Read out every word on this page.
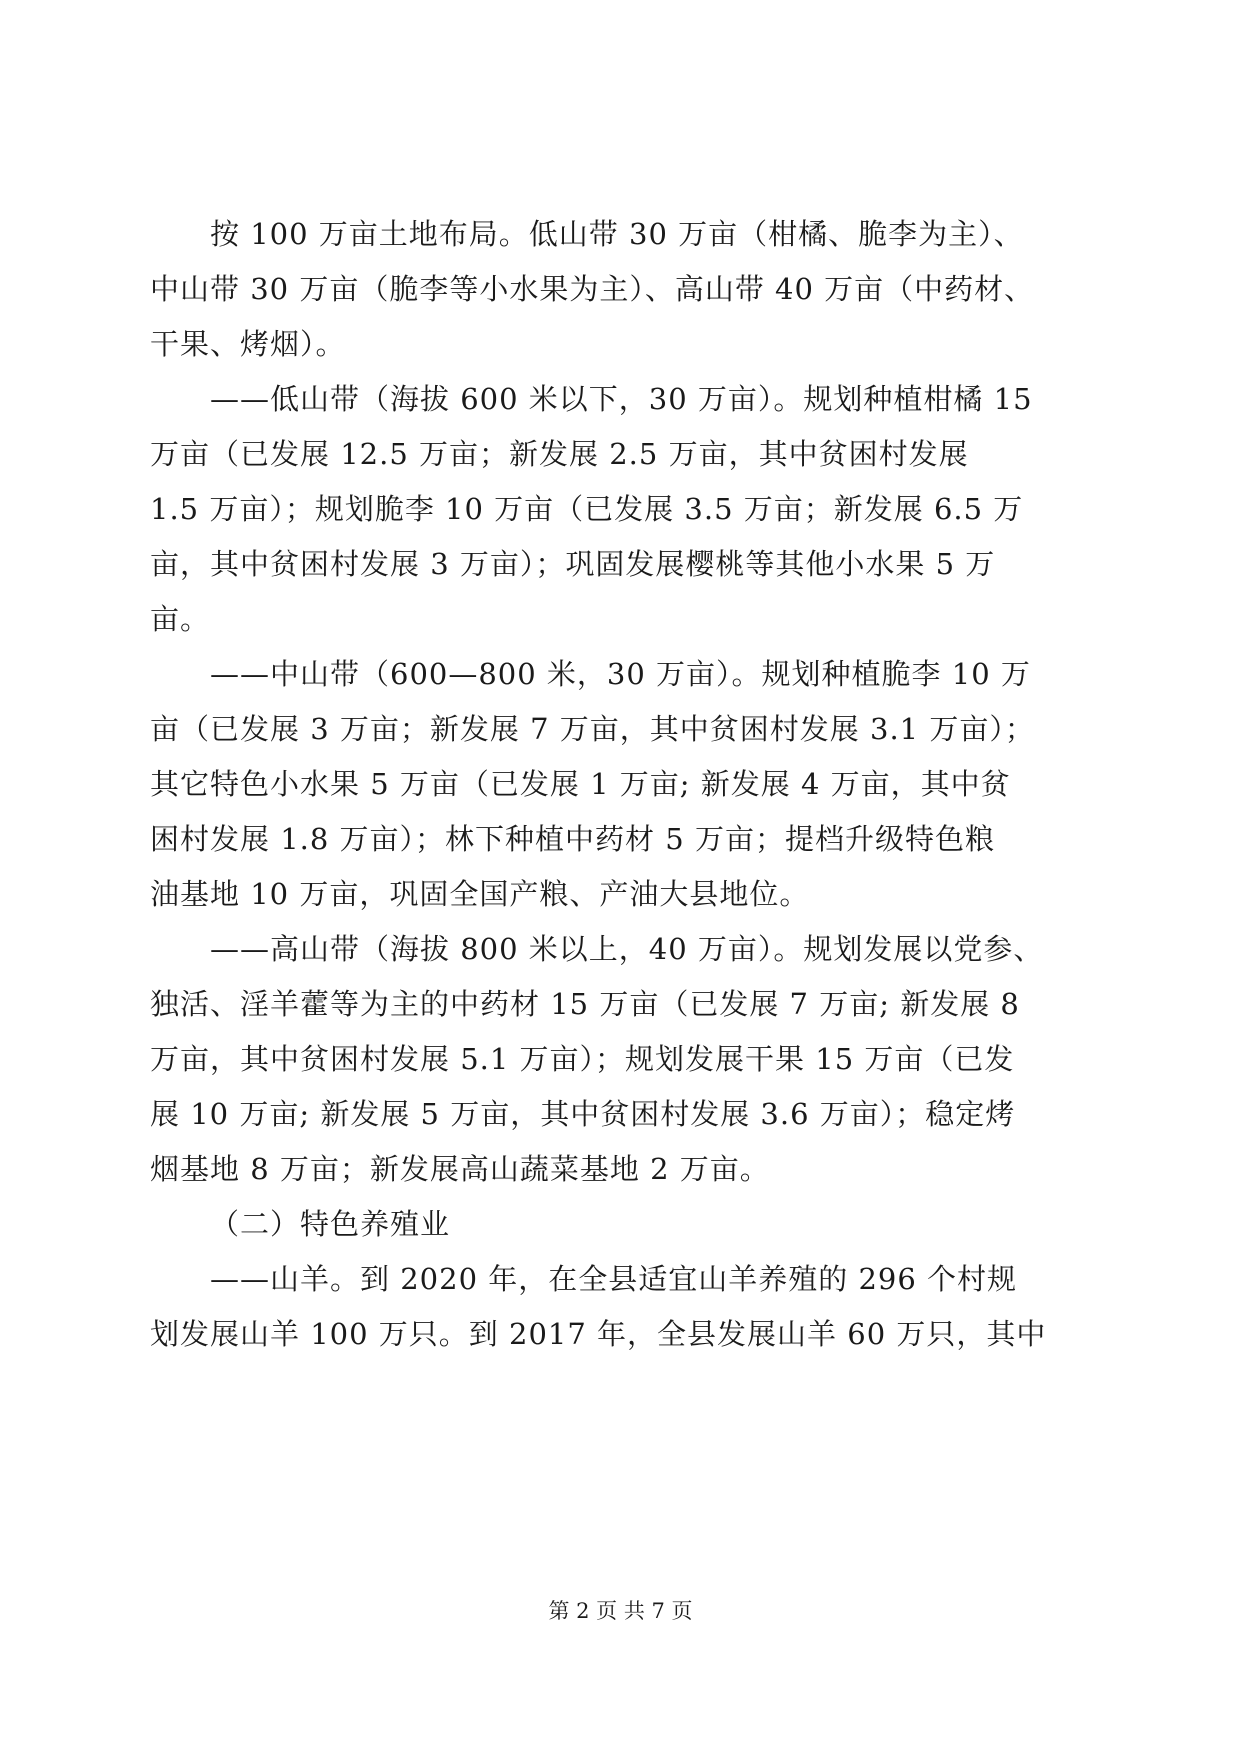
按 100 万亩土地布局。低山带 30 万亩（柑橘、脆李为主）、
中山带 30 万亩（脆李等小水果为主）、高山带 40 万亩（中药材、
干果、烤烟）。
——低山带（海拔 600 米以下，30 万亩）。规划种植柑橘 15
万亩（已发展 12.5 万亩；新发展 2.5 万亩，其中贫困村发展
1.5 万亩）；规划脆李 10 万亩（已发展 3.5 万亩；新发展 6.5 万
亩，其中贫困村发展 3 万亩）；巩固发展樱桃等其他小水果 5 万
亩。
——中山带（600—800 米，30 万亩）。规划种植脆李 10 万
亩（已发展 3 万亩；新发展 7 万亩，其中贫困村发展 3.1 万亩）；
其它特色小水果 5 万亩（已发展 1 万亩; 新发展 4 万亩，其中贫
困村发展 1.8 万亩）；林下种植中药材 5 万亩；提档升级特色粮
油基地 10 万亩，巩固全国产粮、产油大县地位。
——高山带（海拔 800 米以上，40 万亩）。规划发展以党参、
独活、淫羊藿等为主的中药材 15 万亩（已发展 7 万亩; 新发展 8
万亩，其中贫困村发展 5.1 万亩）；规划发展干果 15 万亩（已发
展 10 万亩; 新发展 5 万亩，其中贫困村发展 3.6 万亩）；稳定烤
烟基地 8 万亩；新发展高山蔬菜基地 2 万亩。
（二）特色养殖业
——山羊。到 2020 年，在全县适宜山羊养殖的 296 个村规
划发展山羊 100 万只。到 2017 年，全县发展山羊 60 万只，其中
第 2 页 共 7 页
